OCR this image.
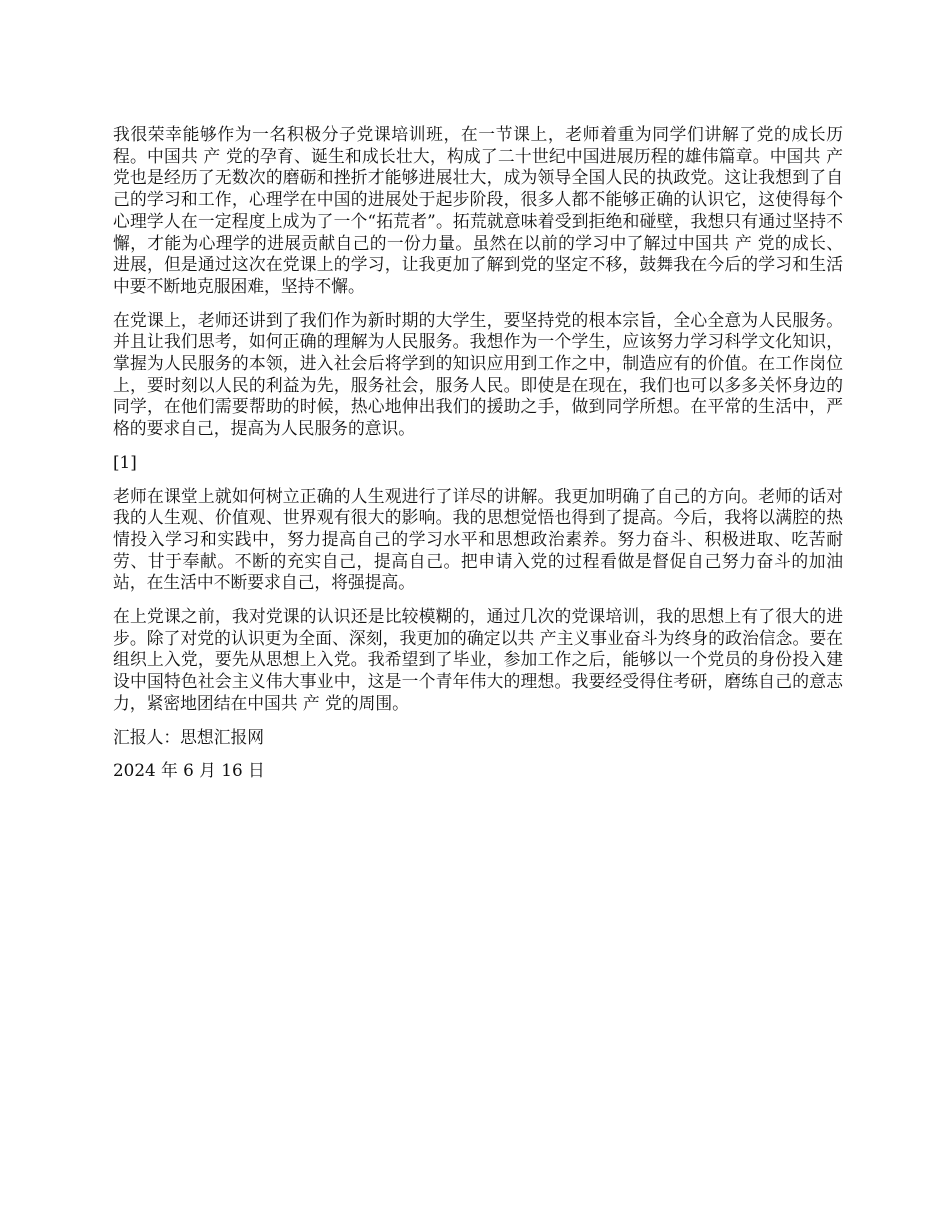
我很荣幸能够作为一名积极分子党课培训班，在一节课上，老师着重为同学们讲解了党的成长历程。中国共 产 党的孕育、诞生和成长壮大，构成了二十世纪中国进展历程的雄伟篇章。中国共 产 党也是经历了无数次的磨砺和挫折才能够进展壮大，成为领导全国人民的执政党。这让我想到了自己的学习和工作，心理学在中国的进展处于起步阶段，很多人都不能够正确的认识它，这使得每个心理学人在一定程度上成为了一个“拓荒者”。拓荒就意味着受到拒绝和碰壁，我想只有通过坚持不懈，才能为心理学的进展贡献自己的一份力量。虽然在以前的学习中了解过中国共 产 党的成长、进展，但是通过这次在党课上的学习，让我更加了解到党的坚定不移，鼓舞我在今后的学习和生活中要不断地克服困难，坚持不懈。

在党课上，老师还讲到了我们作为新时期的大学生，要坚持党的根本宗旨，全心全意为人民服务。并且让我们思考，如何正确的理解为人民服务。我想作为一个学生，应该努力学习科学文化知识，掌握为人民服务的本领，进入社会后将学到的知识应用到工作之中，制造应有的价值。在工作岗位上，要时刻以人民的利益为先，服务社会，服务人民。即使是在现在，我们也可以多多关怀身边的同学，在他们需要帮助的时候，热心地伸出我们的援助之手，做到同学所想。在平常的生活中，严格的要求自己，提高为人民服务的意识。

[1]

老师在课堂上就如何树立正确的人生观进行了详尽的讲解。我更加明确了自己的方向。老师的话对我的人生观、价值观、世界观有很大的影响。我的思想觉悟也得到了提高。今后，我将以满腔的热情投入学习和实践中，努力提高自己的学习水平和思想政治素养。努力奋斗、积极进取、吃苦耐劳、甘于奉献。不断的充实自己，提高自己。把申请入党的过程看做是督促自己努力奋斗的加油站，在生活中不断要求自己，将强提高。

在上党课之前，我对党课的认识还是比较模糊的，通过几次的党课培训，我的思想上有了很大的进步。除了对党的认识更为全面、深刻，我更加的确定以共 产主义事业奋斗为终身的政治信念。要在组织上入党，要先从思想上入党。我希望到了毕业，参加工作之后，能够以一个党员的身份投入建设中国特色社会主义伟大事业中，这是一个青年伟大的理想。我要经受得住考研，磨练自己的意志力，紧密地团结在中国共 产 党的周围。

汇报人：思想汇报网

2024 年 6 月 16 日
